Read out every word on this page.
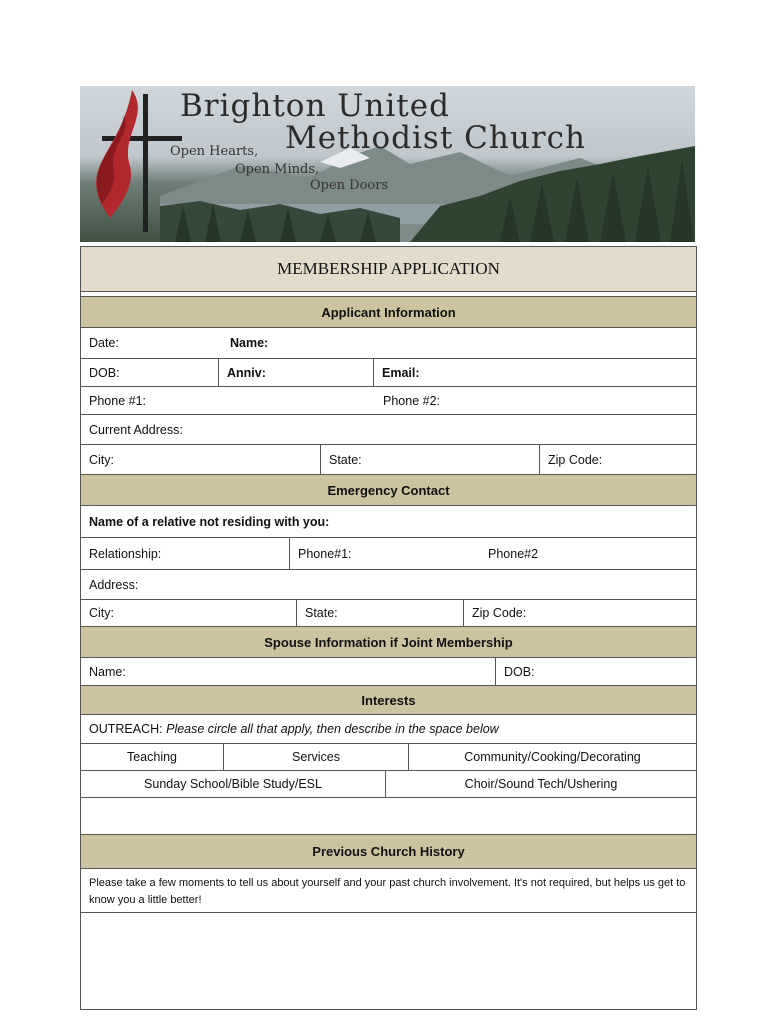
Brighton United
Methodist Church
Open Hearts,
Open Minds,
Open Doors
MEMBERSHIP APPLICATION
Applicant Information
Date:	Name:
DOB:	Anniv:	Email:
Phone #1:	Phone #2:
Current Address:
City:	State:	Zip Code:
Emergency Contact
Name of a relative not residing with you:
Relationship:	Phone#1:	Phone#2
Address:
City:	State:	Zip Code:
Spouse Information if Joint Membership
Name:	DOB:
Interests
OUTREACH:
Please circle all that apply, then describe in the space below
Teaching	Services	Community/Cooking/Decorating
Sunday School/Bible Study/ESL	Choir/Sound Tech/Ushering
Previous Church History
Please take a few moments to tell us about yourself and your past church involvement. It's not required, but helps us get to know you a little better!
